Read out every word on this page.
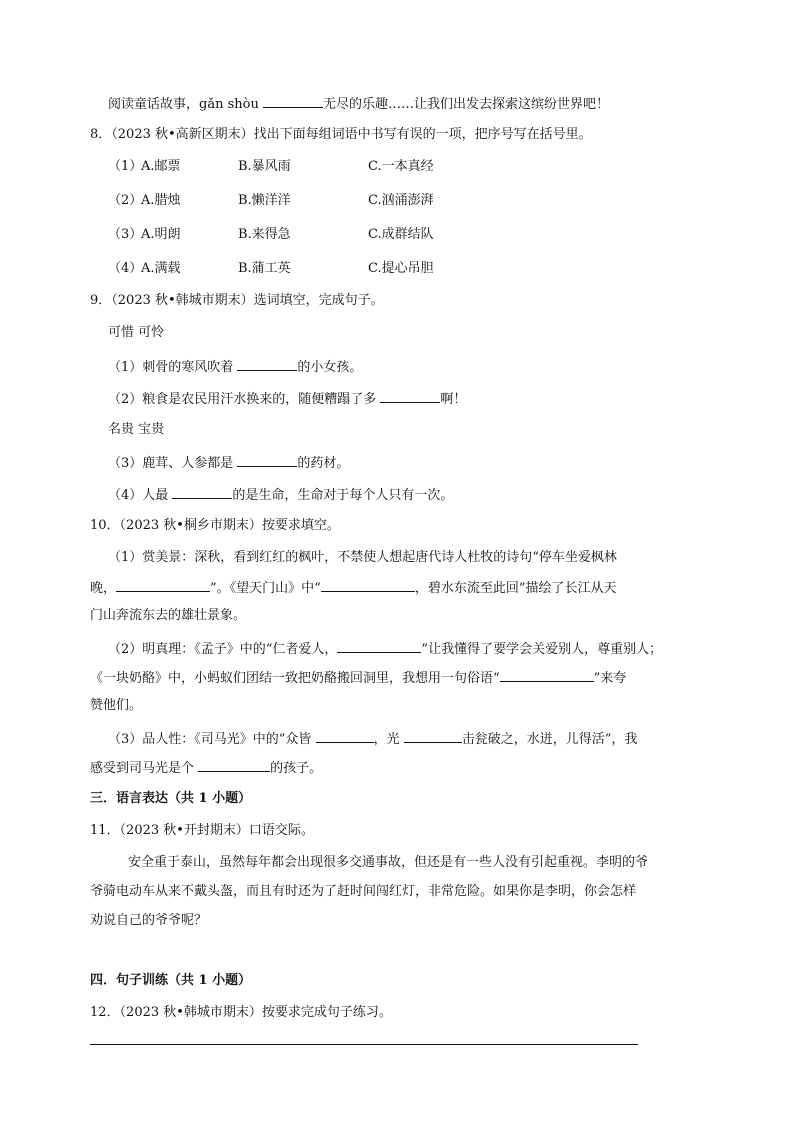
阅读童话故事，gǎn shòu	无尽的乐趣……让我们出发去探索这缤纷世界吧！
8．（2023 秋•高新区期末）找出下面每组词语中书写有误的一项，把序号写在括号里。
（1）
A.邮票	B.暴风雨	C.一本真经
（2）
A.腊烛	B.懒洋洋	C.汹涌澎湃
（3）
A.明朗	B.来得急	C.成群结队
（4）
A.满载	B.蒲工英	C.提心吊胆
9．（2023 秋•韩城市期末）选词填空，完成句子。
可惜 可怜
（1）刺骨的寒风吹着	的小女孩。
（2）粮食是农民用汗水换来的，随便糟蹋了多	啊！
名贵 宝贵
（3）鹿茸、人参都是	的药材。
（4）人最	的是生命，生命对于每个人只有一次。
10．（2023 秋•桐乡市期末）按要求填空。
（1）赏美景：深秋，看到红红的枫叶，不禁使人想起唐代诗人杜牧的诗句“停车坐爱枫林
晚，	”。《望天门山》中“	，碧水东流至此回”描绘了长江从天
门山奔流东去的雄壮景象。
（2）明真理：《孟子》中的“仁者爱人，	”让我懂得了要学会关爱别人，尊重别人；
《一块奶酪》中，小蚂蚁们团结一致把奶酪搬回洞里，我想用一句俗语“	”来夸
赞他们。
（3）品人性：《司马光》中的”众皆	，光	击瓮破之，水迸，儿得活”，我
感受到司马光是个	的孩子。
三．语言表达（共 1 小题）
11．（2023 秋•开封期末）口语交际。
安全重于泰山，虽然每年都会出现很多交通事故，但还是有一些人没有引起重视。李明的爷
爷骑电动车从来不戴头盔，而且有时还为了赶时间闯红灯，非常危险。如果你是李明，你会怎样
劝说自己的爷爷呢？
四．句子训练（共 1 小题）
12．（2023 秋•韩城市期末）按要求完成句子练习。
